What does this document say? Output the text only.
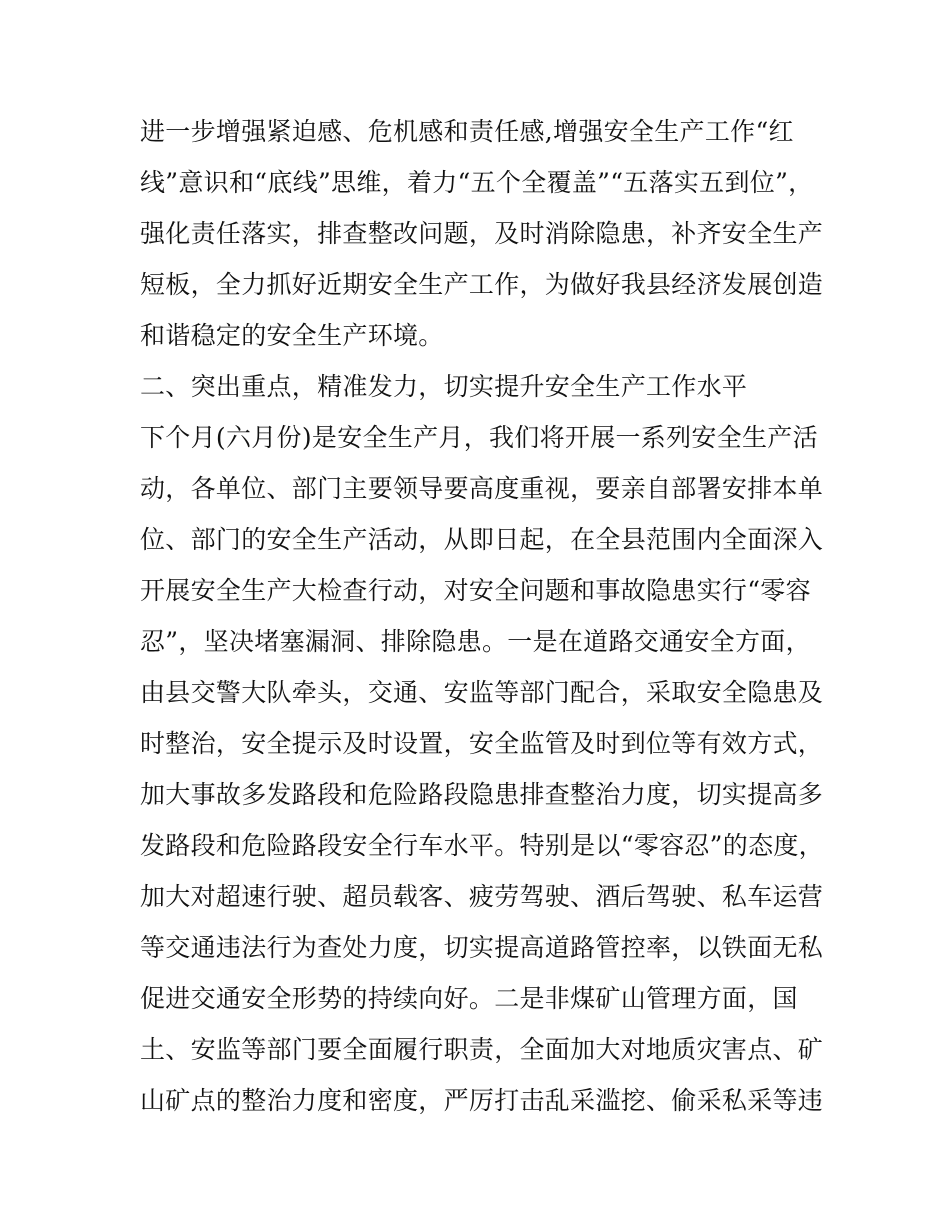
进一步增强紧迫感、危机感和责任感,增强安全生产工作“红
线”意识和“底线”思维，着力“五个全覆盖”“五落实五到位”，
强化责任落实，排查整改问题，及时消除隐患，补齐安全生产
短板，全力抓好近期安全生产工作，为做好我县经济发展创造
和谐稳定的安全生产环境。
二、突出重点，精准发力，切实提升安全生产工作水平
下个月(六月份)是安全生产月，我们将开展一系列安全生产活
动，各单位、部门主要领导要高度重视，要亲自部署安排本单
位、部门的安全生产活动，从即日起，在全县范围内全面深入
开展安全生产大检查行动，对安全问题和事故隐患实行“零容
忍”，坚决堵塞漏洞、排除隐患。一是在道路交通安全方面，
由县交警大队牵头，交通、安监等部门配合，采取安全隐患及
时整治，安全提示及时设置，安全监管及时到位等有效方式，
加大事故多发路段和危险路段隐患排查整治力度，切实提高多
发路段和危险路段安全行车水平。特别是以“零容忍”的态度，
加大对超速行驶、超员载客、疲劳驾驶、酒后驾驶、私车运营
等交通违法行为查处力度，切实提高道路管控率，以铁面无私
促进交通安全形势的持续向好。二是非煤矿山管理方面，国
土、安监等部门要全面履行职责，全面加大对地质灾害点、矿
山矿点的整治力度和密度，严厉打击乱采滥挖、偷采私采等违
